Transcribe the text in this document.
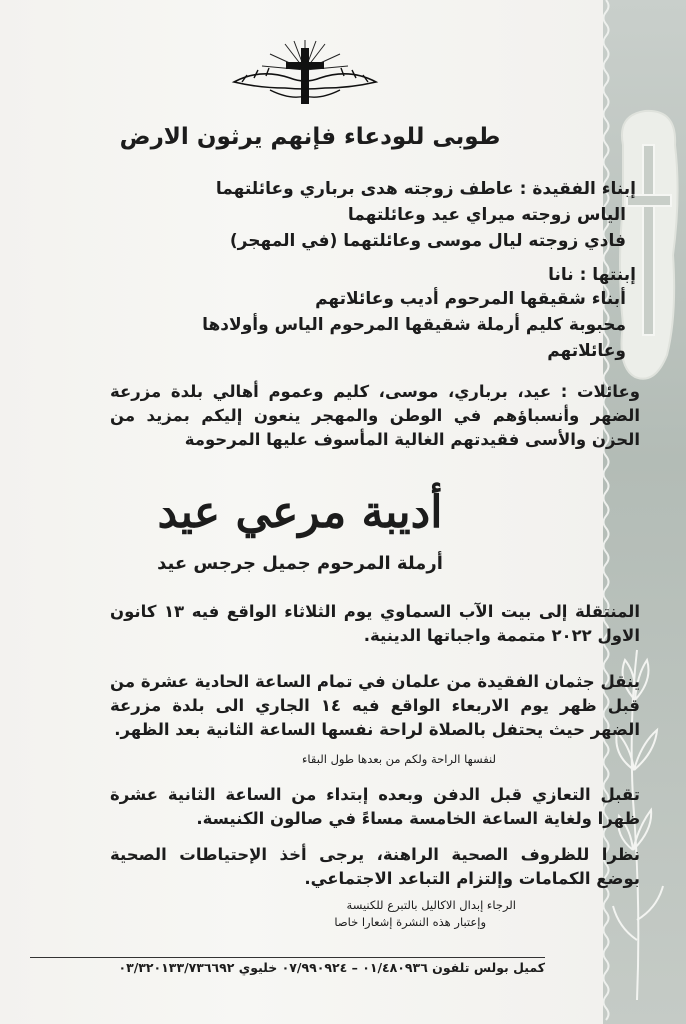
طوبى للودعاء فإنهم يرثون الارض
إبناء الفقيدة : عاطف زوجته هدى برباري وعائلتهما
الياس زوجته ميراي عيد وعائلتهما
فادي زوجته ليال موسى وعائلتهما (في المهجر)
إبنتها : نانا
أبناء شقيقها المرحوم أديب وعائلاتهم
محبوبة كليم أرملة شقيقها المرحوم الياس وأولادها
وعائلاتهم
وعائلات : عيد، برباري، موسى، كليم وعموم أهالي بلدة مزرعة الضهر وأنسباؤهم في الوطن والمهجر ينعون إليكم بمزيد من الحزن والأسى فقيدتهم الغالية المأسوف عليها المرحومة
أديبة مرعي عيد
أرملة المرحوم جميل جرجس عيد
المنتقلة إلى بيت الآب السماوي يوم الثلاثاء الواقع فيه ١٣ كانون الاول ٢٠٢٢ متممة واجباتها الدينية.
ينقل جثمان الفقيدة من علمان في تمام الساعة الحادية عشرة من قبل ظهر يوم الاربعاء الواقع فيه ١٤ الجاري الى بلدة مزرعة الضهر حيث يحتفل بالصلاة لراحة نفسها الساعة الثانية بعد الظهر.
لنفسها الراحة ولكم من بعدها طول البقاء
تقبل التعازي قبل الدفن وبعده إبتداء من الساعة الثانية عشرة ظهرا ولغاية الساعة الخامسة مساءً في صالون الكنيسة.
نظرا للظروف الصحية الراهنة، يرجى أخذ الإحتياطات الصحية بوضع الكمامات وإلتزام التباعد الاجتماعي.
الرجاء إبدال الاكاليل بالتبرع للكنيسة
وإعتبار هذه النشرة إشعارا خاصا
كميل بولس تلفون ٠١/٤٨٠٩٣٦ – ٠٧/٩٩٠٩٢٤ خليوي ٠٣/٣٢٠١٣٣/٧٣٦٦٩٢
